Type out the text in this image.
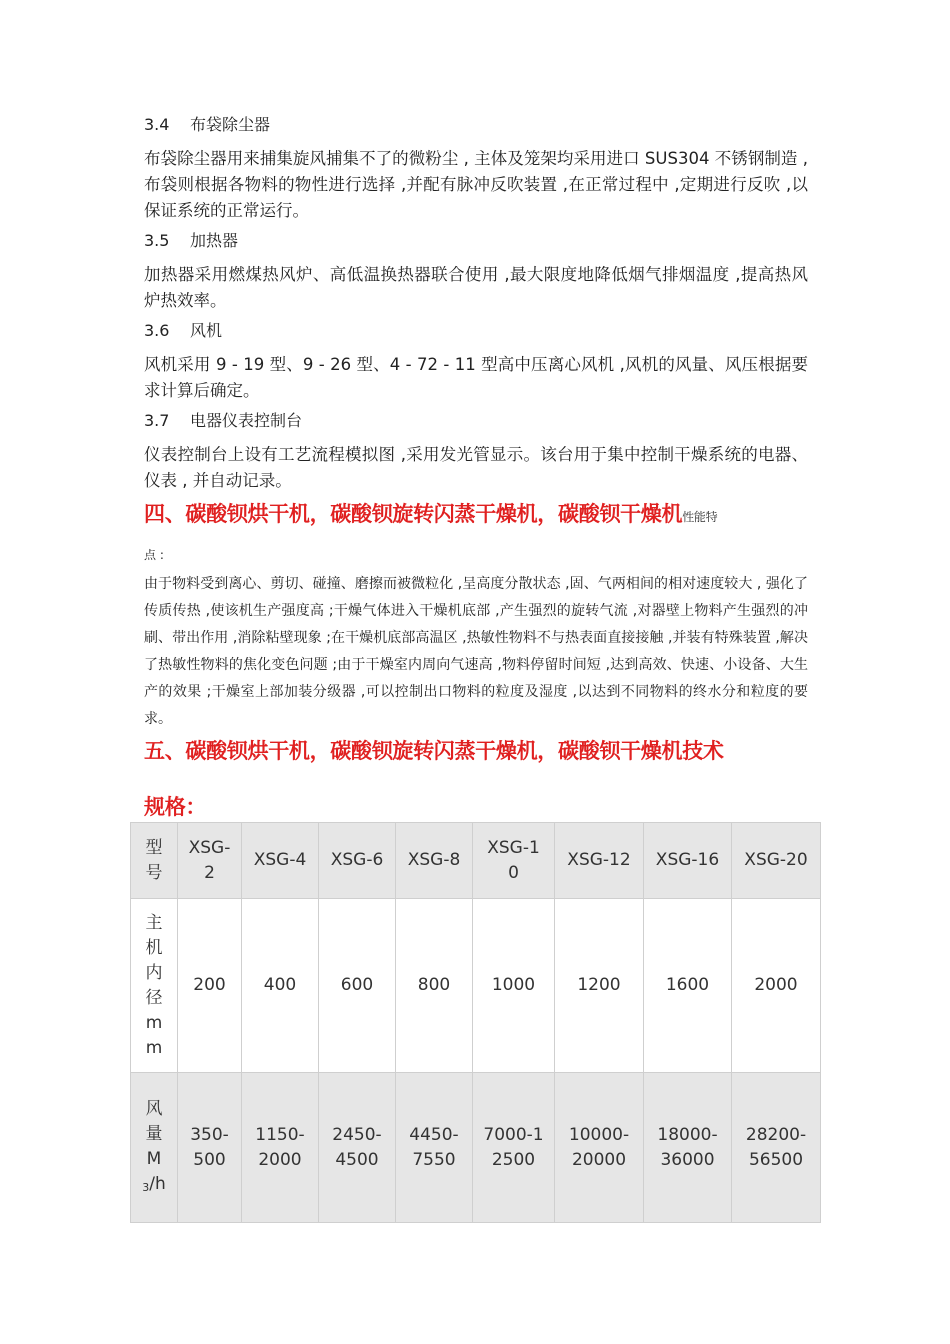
3.4 布袋除尘器

布袋除尘器用来捕集旋风捕集不了的微粉尘 , 主体及笼架均采用进口 SUS304 不锈钢制造 ,布袋则根据各物料的物性进行选择 ,并配有脉冲反吹装置 ,在正常过程中 ,定期进行反吹 ,以保证系统的正常运行。

3.5 加热器

加热器采用燃煤热风炉、高低温换热器联合使用 ,最大限度地降低烟气排烟温度 ,提高热风炉热效率。

3.6 风机

风机采用 9 - 19 型、9 - 26 型、4 - 72 - 11 型高中压离心风机 ,风机的风量、风压根据要求计算后确定。

3.7 电器仪表控制台

仪表控制台上设有工艺流程模拟图 ,采用发光管显示。该台用于集中控制干燥系统的电器、仪表 , 并自动记录。

四、碳酸钡烘干机，碳酸钡旋转闪蒸干燥机，碳酸钡干燥机性能特

点 :

由于物料受到离心、剪切、碰撞、磨擦而被微粒化 ,呈高度分散状态 ,固、气两相间的相对速度较大 , 强化了传质传热 ,使该机生产强度高 ;干燥气体进入干燥机底部 ,产生强烈的旋转气流 ,对器壁上物料产生强烈的冲刷、带出作用 ,消除粘壁现象 ;在干燥机底部高温区 ,热敏性物料不与热表面直接接触 ,并装有特殊装置 ,解决了热敏性物料的焦化变色问题 ;由于干燥室内周向气速高 ,物料停留时间短 ,达到高效、快速、小设备、大生产的效果 ;干燥室上部加装分级器 ,可以控制出口物料的粒度及湿度 ,以达到不同物料的终水分和粒度的要求。

五、碳酸钡烘干机，碳酸钡旋转闪蒸干燥机，碳酸钡干燥机技术
规格：

型号	XSG-2	XSG-4	XSG-6	XSG-8	XSG-10	XSG-12	XSG-16	XSG-20
主机内径mm	200	400	600	800	1000	1200	1600	2000
风量$M_3/h$	350-500	1150-2000	2450-4500	4450-7550	7000-12500	10000-20000	18000-36000	28200-56500
